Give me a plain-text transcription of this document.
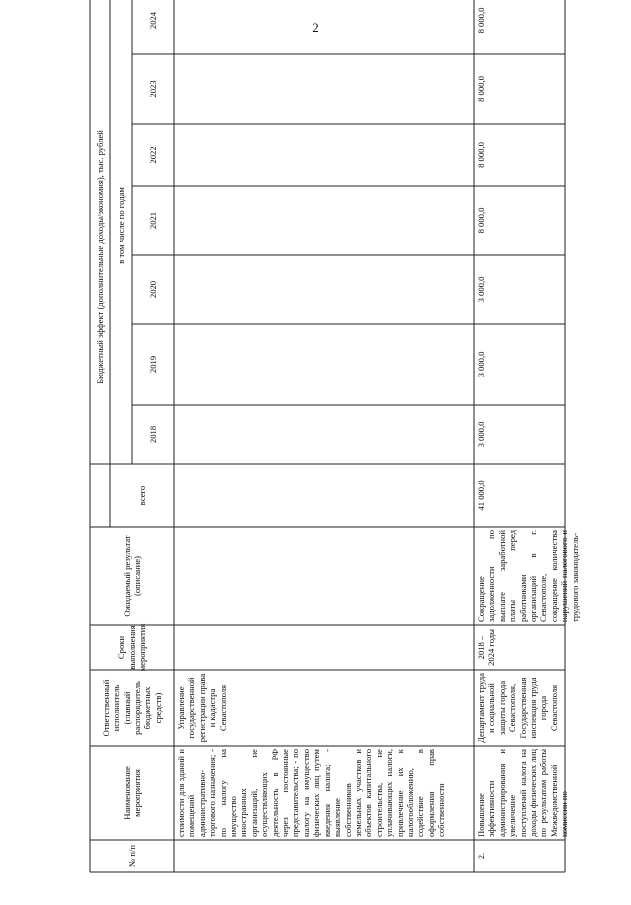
2
№ п/п
Наименование мероприятия
Ответственный исполнитель (главный распорядитель бюджетных средств)
Сроки выполнения мероприятия
Ожидаемый результат (описание)
Бюджетный эффект (дополнительные доходы/экономия), тыс. рублей
всего
в том числе по годам
2018
2019
2020
2021
2022
2023
2024
стоимости для зданий и помещений административно-торгового назначения; - по налогу на имущество иностранных организаций, не осуществляющих деятельность в РФ через постоянные представительства; - по налогу на имущество физических лиц путем введения налога; - выявление собственников земельных участков и объектов капитального строительства, не уплачивающих налоги, привлечение их к налогообложению, содействие в оформлении прав собственности
Управление государственной регистрации права и кадастра Севастополя
2.
Повышение эффективности администрирования и увеличение поступлений налога на доходы физических лиц по результатам работы Межведомственной комиссии по
Департамент труда и социальной защиты города Севастополя, Государственная инспекция труда города Севастополя
2018 – 2024 годы
Сокращение задолженности по выплате заработной платы перед работниками организаций в г. Севастополе, сокращение количества нарушений налогового и трудового законодатель-
41 000,0
3 000,0
3 000,0
3 000,0
8 000,0
8 000,0
8 000,0
8 000,0
